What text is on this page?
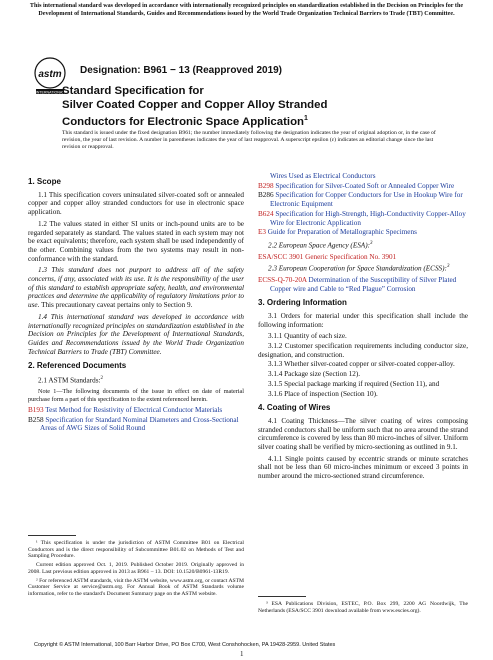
This international standard was developed in accordance with internationally recognized principles on standardization established in the Decision on Principles for the Development of International Standards, Guides and Recommendations issued by the World Trade Organization Technical Barriers to Trade (TBT) Committee.
astm
INTERNATIONAL
Designation: B961 − 13 (Reapproved 2019)
Standard Specification for
Silver Coated Copper and Copper Alloy Stranded
Conductors for Electronic Space Application$^1$
This standard is issued under the fixed designation B961; the number immediately following the designation indicates the year of original adoption or, in the case of revision, the year of last revision. A number in parentheses indicates the year of last reapproval. A superscript epsilon (ε) indicates an editorial change since the last revision or reapproval.
1. Scope

1.1 This specification covers uninsulated silver-coated soft or annealed copper and copper alloy stranded conductors for use in electronic space application.

1.2 The values stated in either SI units or inch-pound units are to be regarded separately as standard. The values stated in each system may not be exact equivalents; therefore, each system shall be used independently of the other. Combining values from the two systems may result in non-conformance with the standard.

1.3 This standard does not purport to address all of the safety concerns, if any, associated with its use. It is the responsibility of the user of this standard to establish appropriate safety, health, and environmental practices and determine the applicability of regulatory limitations prior to use. This precautionary caveat pertains only to Section 9.

1.4 This international standard was developed in accordance with internationally recognized principles on standardization established in the Decision on Principles for the Development of International Standards, Guides and Recommendations issued by the World Trade Organization Technical Barriers to Trade (TBT) Committee.

2. Referenced Documents

2.1 ASTM Standards:$^2$

Note 1—The following documents of the issue in effect on date of material purchase form a part of this specification to the extent referenced herein.

B193 Test Method for Resistivity of Electrical Conductor Materials
B258 Specification for Standard Nominal Diameters and Cross-Sectional Areas of AWG Sizes of Solid Round

¹ This specification is under the jurisdiction of ASTM Committee B01 on Electrical Conductors and is the direct responsibility of Subcommittee B01.02 on Methods of Test and Sampling Procedure.

Current edition approved Oct. 1, 2019. Published October 2019. Originally approved in 2008. Last previous edition approved in 2013 as B961 – 13. DOI: 10.1520/B0961-13R19.

² For referenced ASTM standards, visit the ASTM website, www.astm.org, or contact ASTM Customer Service at service@astm.org. For Annual Book of ASTM Standards volume information, refer to the standard's Document Summary page on the ASTM website.

Wires Used as Electrical Conductors
B298 Specification for Silver-Coated Soft or Annealed Copper Wire
B286 Specification for Copper Conductors for Use in Hookup Wire for Electronic Equipment
B624 Specification for High-Strength, High-Conductivity Copper-Alloy Wire for Electronic Application
E3 Guide for Preparation of Metallographic Specimens

2.2 European Space Agency (ESA):$^3$

ESA/SCC 3901 Generic Specification No. 3901

2.3 European Cooperation for Space Standardization (ECSS):$^3$

ECSS-Q-70-20A Determination of the Susceptibility of Silver Plated Copper wire and Cable to “Red Plague” Corrosion
3. Ordering Information

3.1 Orders for material under this specification shall include the following information:

3.1.1 Quantity of each size.

3.1.2 Customer specification requirements including conductor size, designation, and construction.

3.1.3 Whether silver-coated copper or silver-coated copper-alloy.

3.1.4 Package size (Section 12).

3.1.5 Special package marking if required (Section 11), and

3.1.6 Place of inspection (Section 10).

4. Coating of Wires

4.1 Coating Thickness—The silver coating of wires composing stranded conductors shall be uniform such that no area around the strand circumference is covered by less than 80 micro-inches of silver. Uniform silver coating shall be verified by micro-sectioning as outlined in 9.1.

4.1.1 Single points caused by eccentric strands or minute scratches shall not be less than 60 micro-inches minimum or exceed 3 points in number around the micro-sectioned strand circumference.

³ ESA Publications Division, ESTEC, P.O. Box 299, 2200 AG Noordwijk, The Netherlands (ESA/SCC 3901 download available from www.escies.org).

Copyright © ASTM International, 100 Barr Harbor Drive, PO Box C700, West Conshohocken, PA 19428-2959. United States
1
